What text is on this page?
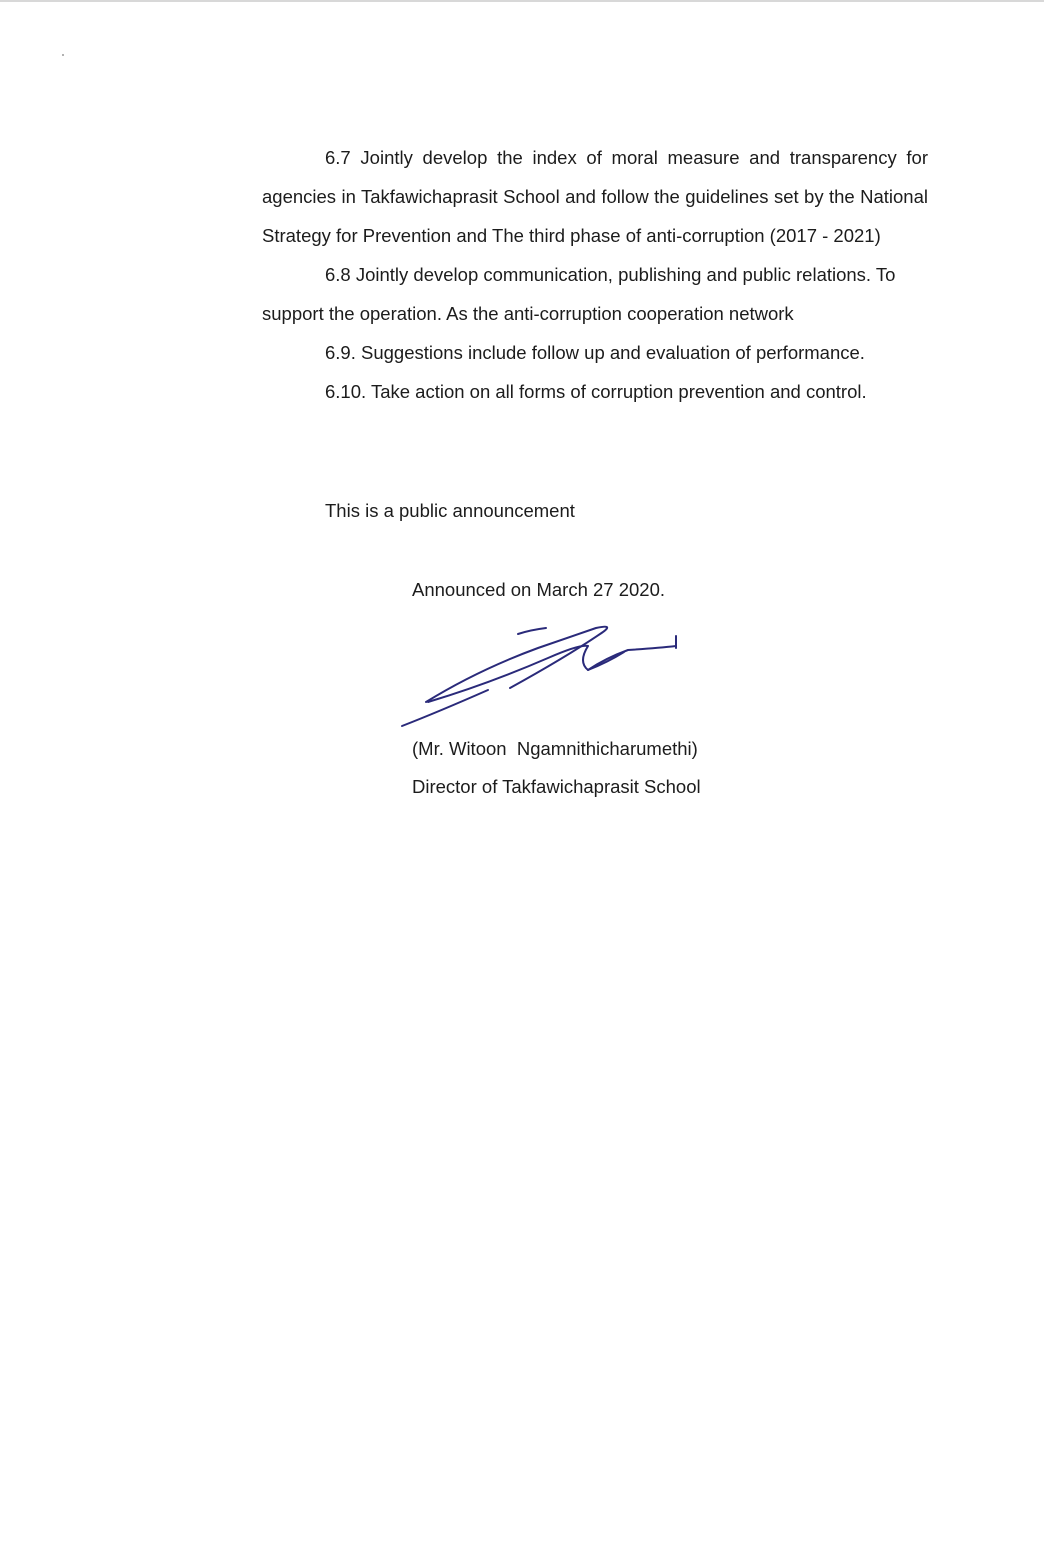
6.7 Jointly develop the index of moral measure and transparency for agencies in Takfawichaprasit School and follow the guidelines set by the National Strategy for Prevention and The third phase of anti-corruption (2017 - 2021)

6.8 Jointly develop communication, publishing and public relations. To support the operation. As the anti-corruption cooperation network

6.9. Suggestions include follow up and evaluation of performance.

6.10. Take action on all forms of corruption prevention and control.

This is a public announcement
Announced on March 27 2020.
(Mr. Witoon  Ngamnithicharumethi)
Director of Takfawichaprasit School
